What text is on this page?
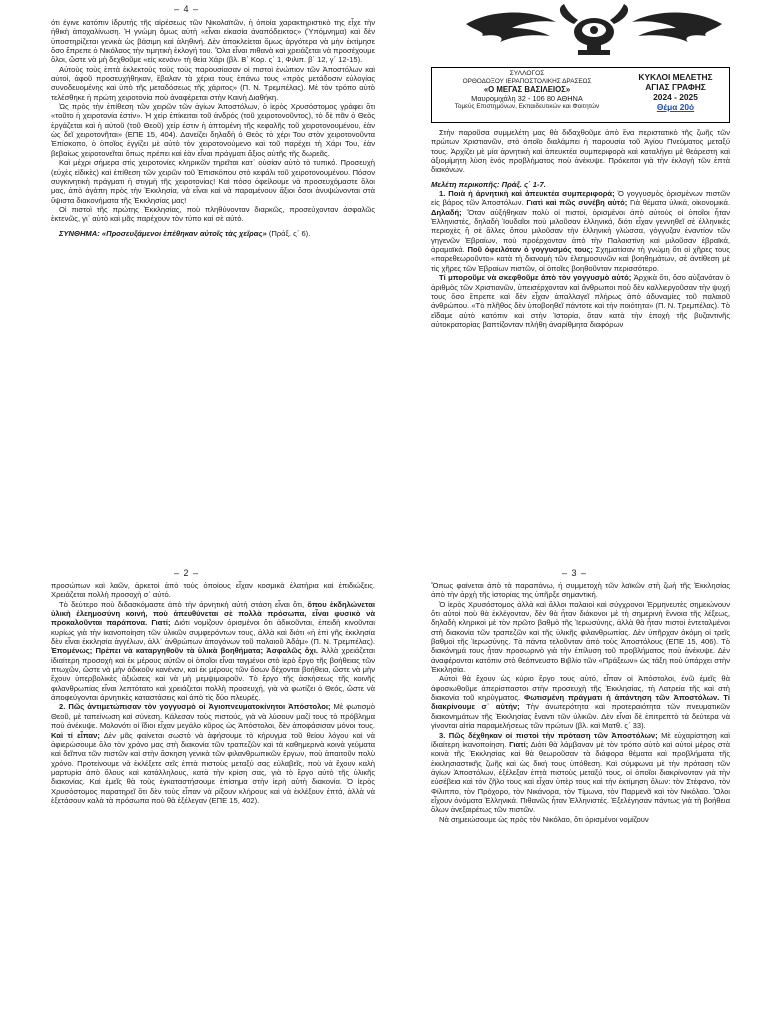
– 4 –
– 2 –	– 3 –
ΣΥΛΛΟΓΟΣ
ΟΡΘΟΔΟΞΟΥ ΙΕΡΑΠΟΣΤΟΛΙΚΗΣ ΔΡΑΣΕΩΣ
«Ο ΜΕΓΑΣ ΒΑΣΙΛΕΙΟΣ»
Μαυρομιχάλη 32 - 106 80 ΑΘΗΝΑ
Τομεύς Επιστημόνων, Εκπαιδευτικών και Φοιτητών
ΚΥΚΛΟΙ ΜΕΛΕΤΗΣ
ΑΓΙΑΣ ΓΡΑΦΗΣ
2024 - 2025
Θέμα 20ό

ότι έγινε κατόπιν ἱδρυτής τῆς αἱρέσεως τῶν Νικολαϊτῶν, ἡ ὁποία χαρακτηριστικὸ της εἶχε τὴν ἠθικὴ ἀποχαλίνωση. Ἡ γνώμη ὅμως αὐτὴ «εἶναι εἰκασία ἀναπόδεικτος» (Ὑπόμνημα) καὶ δὲν ὑποστηρίζεται γενικὰ ὡς βάσιμη καὶ ἀληθινή. Δὲν ἀποκλείεται ὅμως ἀργότερα νὰ μὴν ἐκτίμησε ὅσο ἔπρεπε ὁ Νικόλαος τὴν τιμητικὴ ἐκλογή του. Ὅλα εἶναι πιθανὰ καὶ χρειάζεται νὰ προσέχουμε ὅλοι, ὥστε νὰ μὴ δεχθοῦμε «εἰς κενόν» τὴ θεία Χάρι (βλ. Β΄ Κορ. ς΄ 1, Φιλιπ. β΄ 12, γ΄ 12-15).

Αὐτοὺς τοὺς ἑπτὰ ἐκλεκτοὺς τοὺς τοὺς παρουσίασαν οἱ πιστοὶ ἐνώπιον τῶν Ἀποστόλων καὶ αὐτοί, ἀφοῦ προσευχήθηκαν, ἔβαλαν τὰ χέρια τους ἐπάνω τους «πρὸς μετάδοσιν εὐλογίας συνοδευομένης καὶ ὑπὸ τῆς μεταδόσεως τῆς χάριτος» (Π. Ν. Τρεμπέλας). Μὲ τὸν τρόπο αὐτὸ τελέσθηκε ἡ πρώτη χειροτονία ποὺ ἀναφέρεται στὴν Καινὴ Διαθήκη.

Ὡς πρὸς τὴν ἐπίθεση τῶν χειρῶν τῶν ἁγίων Ἀποστόλων, ὁ ἱερὸς Χρυσόστομος γράφει ὅτι «τοῦτο ἡ χειροτονία ἐστίν». Ἡ χεὶρ ἐπίκειται τοῦ ἀνδρός (τοῦ χειροτονοῦντος), τὸ δὲ πᾶν ὁ Θεὸς ἐργάζεται καὶ ἡ αὐτοῦ (τοῦ Θεοῦ) χείρ ἐστιν ἡ ἁπτομένη τῆς κεφαλῆς τοῦ χειροτονουμένου, ἐὰν ὡς δεῖ χειροτονῆται» (ΕΠΕ 15, 404). Δανείζει δηλαδὴ ὁ Θεὸς τὸ χέρι Του στὸν χειροτονοῦντα Ἐπίσκοπο, ὁ ὁποῖος ἐγγίζει μὲ αὐτὸ τὸν χειροτονούμενο καὶ τοῦ παρέχει τὴ Χάρι Του, ἐὰν βεβαίως χειροτονεῖται ὅπως πρέπει καὶ ἐὰν εἶναι πράγματι ἄξιος αὐτῆς τῆς δωρεᾶς.

Καὶ μέχρι σήμερα στὶς χειροτονίες κληρικῶν τηρεῖται κατ᾽ οὐσίαν αὐτὸ τὸ τυπικό. Προσευχὴ (εὐχὲς εἰδικὲς) καὶ ἐπίθεση τῶν χειρῶν τοῦ Ἐπισκόπου στὸ κεφάλι τοῦ χειροτονουμένου. Πόσον συγκινητικὴ πράγματι ἡ στιγμὴ τῆς χειροτονίας! Καὶ πόσο ὀφείλουμε νὰ προσευχόμαστε ὅλοι μας, ἀπὸ ἀγάπη πρὸς τὴν Ἐκκλησία, νὰ εἶναι καὶ νὰ παραμένουν ἄξιοι ὅσοι ἀνυψώνονται στὰ ὕψιστα διακονήματα τῆς Ἐκκλησίας μας!

Οἱ πιστοὶ τῆς πρώτης Ἐκκλησίας, ποὺ πληθύνονταν διαρκῶς, προσεύχονταν ἀσφαλῶς ἐκτενῶς, γι᾽ αὐτὸ καὶ μᾶς παρέχουν τὸν τύπο καὶ σὲ αὐτό.

ΣΥΝΘΗΜΑ: «Προσευξάμενοι ἐπέθηκαν αὐτοῖς τὰς χεῖρας» (Πράξ. ς΄ 6).

Στὴν παροῦσα συμμελέτη μας θὰ διδαχθοῦμε ἀπὸ ἕνα περιστατικὸ τῆς ζωῆς τῶν πρώτων Χριστιανῶν, στὸ ὁποῖο διαλάμπει ἡ παρουσία τοῦ Ἁγίου Πνεύματος μεταξύ τους. Ἀρχίζει μὲ μία ἀρνητικὴ καὶ ἀπευκτέα συμπεριφορὰ καὶ καταλήγει μὲ θεάρεστη καὶ ἀξιομίμητη λύση ἑνὸς προβλήματος ποὺ ἀνέκυψε. Πρόκειται γιὰ τὴν ἐκλογὴ τῶν ἑπτὰ διακόνων.

Μελέτη περικοπῆς: Πράξ. ς΄ 1-7.

1. Ποιὰ ἡ ἀρνητικὴ καὶ ἀπευκτέα συμπεριφορά; Ὁ γογγυσμὸς ὁρισμένων πιστῶν εἰς βάρος τῶν Ἀποστόλων. Γιατὶ καὶ πῶς συνέβη αὐτό; Γιὰ θέματα ὑλικά, οἰκονομικά. Δηλαδή; Ὅταν αὐξήθηκαν πολὺ οἱ πιστοί, ὁρισμένοι ἀπὸ αὐτοὺς οἱ ὁποῖοι ἦταν Ἑλληνιστές, δηλαδὴ Ἰουδαῖοι ποὺ μιλοῦσαν ἑλληνικά, διότι εἶχαν γεννηθεῖ σὲ ἑλληνικὲς περιοχὲς ἢ σὲ ἄλλες ὅπου μιλοῦσαν τὴν ἑλληνικὴ γλώσσα, γόγγυζαν ἐναντίον τῶν γηγενῶν Ἑβραίων, ποὺ προέρχονταν ἀπὸ τὴν Παλαιστίνη καὶ μιλοῦσαν ἑβραϊκά, ἀραμαϊκά. Ποῦ ὀφειλόταν ὁ γογγυσμός τους; Σχηματίσαν τὴ γνώμη ὅτι οἱ χῆρες τους «παρεθεωροῦντο» κατὰ τὴ διανομὴ τῶν ἐλεημοσυνῶν καὶ βοηθημάτων, σὲ ἀντίθεση μὲ τὶς χῆρες τῶν Ἑβραίων πιστῶν, οἱ ὁποῖες βοηθοῦνταν περισσότερο.

Τί μποροῦμε νὰ σκεφθοῦμε ἀπὸ τὸν γογγυσμὸ αὐτό; Ἀρχικὰ ὅτι, ὅσο αὐξανόταν ὁ ἀριθμὸς τῶν Χριστιανῶν, ὑπεισέρχονταν καὶ ἄνθρωποι ποὺ δὲν καλλιεργοῦσαν τὴν ψυχή τους ὅσο ἔπρεπε καὶ δὲν εἶχαν ἀπαλλαγεῖ πλήρως ἀπὸ ἀδυναμίες τοῦ παλαιοῦ ἀνθρώπου. «Τὸ πλῆθος δὲν ὑποβοηθεῖ πάντοτε καὶ τὴν ποιότητα» (Π. Ν. Τρεμπέλας). Τὸ εἴδαμε αὐτὸ κατόπιν καὶ στὴν Ἱστορία, ὅταν κατὰ τὴν ἐποχὴ τῆς βυζαντινῆς αὐτοκρατορίας βαπτίζονταν πλήθη ἀναρίθμητα διαφόρων

προσώπων καὶ λαῶν, ἀρκετοὶ ἀπὸ τοὺς ὁποίους εἶχαν κοσμικὰ ἐλατήρια καὶ ἐπιδιώξεις. Χρειάζεται πολλὴ προσοχὴ σ᾽ αὐτό.

Τὸ δεύτερο ποὺ διδασκόμαστε ἀπὸ τὴν ἀρνητικὴ αὐτὴ στάση εἶναι ὅτι, ὅπου ἐκδηλώνεται ὑλικὴ ἐλεημοσύνη κοινή, ποὺ ἀπευθύνεται σὲ πολλὰ πρόσωπα, εἶναι φυσικὸ νὰ προκαλοῦνται παράπονα. Γιατί; Διότι νομίζουν ὁρισμένοι ὅτι ἀδικοῦνται, ἐπειδὴ κινοῦνται κυρίως γιὰ τὴν ἱκανοποίηση τῶν ὑλικῶν συμφερόντων τους, ἀλλὰ καὶ διότι «ἡ ἐπὶ γῆς ἐκκλησία δὲν εἶναι ἐκκλησία ἀγγέλων, ἀλλ᾽ ἀνθρώπων ἀπογόνων τοῦ παλαιοῦ Ἀδάμ» (Π. Ν. Τρεμπέλας). Ἑπομένως; Πρέπει νὰ καταργηθοῦν τὰ ὑλικὰ βοηθήματα; Ἀσφαλῶς ὄχι. Ἀλλὰ χρειάζεται ἰδιαίτερη προσοχὴ καὶ ἐκ μέρους αὐτῶν οἱ ὁποῖοι εἶναι ταγμένοι στὸ ἱερὸ ἔργο τῆς βοήθειας τῶν πτωχῶν, ὥστε νὰ μὴν ἀδικοῦν κανέναν, καὶ ἐκ μέρους τῶν ὅσων δέχονται βοήθεια, ὥστε νὰ μὴν ἔχουν ὑπερβολικὲς ἀξιώσεις καὶ νὰ μὴ μεμψιμοιροῦν. Τὸ ἔργο τῆς ἀσκήσεως τῆς κοινῆς φιλανθρωπίας εἶναι λεπτότατο καὶ χρειάζεται πολλὴ προσευχή, γιὰ νὰ φωτίζει ὁ Θεός, ὥστε νὰ ἀποφεύγονται ἀρνητικὲς καταστάσεις καὶ ἀπὸ τὶς δύο πλευρές.

2. Πῶς ἀντιμετώπισαν τὸν γογγυσμὸ οἱ Ἁγιοπνευματοκίνητοι Ἀπόστολοι; Μὲ φωτισμὸ Θεοῦ, μὲ ταπείνωση καὶ σύνεση. Κάλεσαν τοὺς πιστούς, γιὰ νὰ λύσουν μαζί τους τὸ πρόβλημα ποὺ ἀνέκυψε. Μολονότι οἱ ἴδιοι εἶχαν μεγάλο κῦρος ὡς Ἀπόστολοι, δὲν ἀποφάσισαν μόνοι τους. Καὶ τί εἶπαν; Δὲν μᾶς φαίνεται σωστὸ νὰ ἀφήσουμε τὸ κήρυγμα τοῦ θείου λόγου καὶ νὰ ἀφιερώσουμε ὅλο τὸν χρόνο μας στὴ διακονία τῶν τραπεζῶν καὶ τὰ καθημερινὰ κοινὰ γεύματα καὶ δεῖπνα τῶν πιστῶν καὶ στὴν ἄσκηση γενικὰ τῶν φιλανθρωπικῶν ἔργων, ποὺ ἀπαιτοῦν πολὺ χρόνο. Προτείνουμε νὰ ἐκλέξετε σεῖς ἑπτὰ πιστοὺς μεταξύ σας εὐλαβεῖς, ποὺ νὰ ἔχουν καλὴ μαρτυρία ἀπὸ ὅλους καὶ κατάλληλους, κατὰ τὴν κρίση σας, γιὰ τὸ ἔργο αὐτὸ τῆς ὑλικῆς διακονίας. Καὶ ἐμεῖς θὰ τοὺς ἐγκαταστήσουμε ἐπίσημα στὴν ἱερὴ αὐτὴ διακονία. Ὁ ἱερὸς Χρυσόστομος παρατηρεῖ ὅτι δὲν τοὺς εἶπαν νὰ ρίξουν κλήρους καὶ νὰ ἐκλέξουν ἑπτά, ἀλλὰ νὰ ἐξετάσουν καλὰ τὰ πρόσωπα ποὺ θὰ ἐξέλεγαν (ΕΠΕ 15, 402).

Ὅπως φαίνεται ἀπὸ τὰ παραπάνω, ἡ συμμετοχὴ τῶν λαϊκῶν στὴ ζωὴ τῆς Ἐκκλησίας ἀπὸ τὴν ἀρχὴ τῆς ἱστορίας της ὑπῆρξε σημαντική.

Ὁ ἱερὸς Χρυσόστομος ἀλλὰ καὶ ἄλλοι παλαιοὶ καὶ σύγχρονοι Ἑρμηνευτὲς σημειώνουν ὅτι αὐτοὶ ποὺ θὰ ἐκλέγονταν, δὲν θὰ ἦταν διάκονοι μὲ τὴ σημερινὴ ἔννοια τῆς λέξεως, δηλαδὴ κληρικοὶ μὲ τὸν πρῶτο βαθμὸ τῆς Ἱερωσύνης, ἀλλὰ θὰ ἦταν πιστοὶ ἐντεταλμένοι στὴ διακονία τῶν τραπεζῶν καὶ τῆς ὑλικῆς φιλανθρωπίας. Δὲν ὑπῆρχαν ἀκόμη οἱ τρεῖς βαθμοὶ τῆς Ἱερωσύνης. Τὰ πάντα τελοῦνταν ἀπὸ τοὺς Ἀποστόλους (ΕΠΕ 15, 406). Τὸ διακόνημά τους ἦταν προσωρινὸ γιὰ τὴν ἐπίλυση τοῦ προβλήματος ποὺ ἀνέκυψε. Δὲν ἀναφέρονται κατόπιν στὸ θεόπνευστο Βιβλίο τῶν «Πράξεων» ὡς τάξη ποὺ ὑπάρχει στὴν Ἐκκλησία.

Αὐτοὶ θὰ ἔχουν ὡς κύριο ἔργο τους αὐτό, εἶπαν οἱ Ἀπόστολοι, ἐνῶ ἐμεῖς θὰ ἀφοσιωθοῦμε ἀπερίσπαστοι στὴν προσευχὴ τῆς Ἐκκλησίας, τὴ Λατρεία τῆς καὶ στὴ διακονία τοῦ κηρύγματος. Φωτισμένη πράγματι ἡ ἀπάντηση τῶν Ἀποστόλων. Τί διακρίνουμε σ᾽ αὐτήν; Τὴν ἀνωτερότητα καὶ προτεραιότητα τῶν πνευματικῶν διακονημάτων τῆς Ἐκκλησίας ἔναντι τῶν ὑλικῶν. Δὲν εἶναι δὲ ἐπιτρεπτὸ τὰ δεύτερα νὰ γίνονται αἰτία παραμελήσεως τῶν πρώτων (βλ. καὶ Ματθ. ς΄ 33).

3. Πῶς δέχθηκαν οἱ πιστοὶ τὴν πρόταση τῶν Ἀποστόλων; Μὲ εὐχαρίστηση καὶ ἰδιαίτερη ἱκανοποίηση. Γιατί; Διότι θὰ λάμβαναν μὲ τὸν τρόπο αὐτὸ καὶ αὐτοὶ μέρος στὰ κοινὰ τῆς Ἐκκλησίας καὶ θὰ θεωροῦσαν τὰ διάφορα θέματα καὶ προβλήματα τῆς ἐκκλησιαστικῆς ζωῆς καὶ ὡς δική τους ὑπόθεση. Καὶ σύμφωνα μὲ τὴν πρόταση τῶν ἁγίων Ἀποστόλων, ἐξέλεξαν ἑπτὰ πιστοὺς μεταξύ τους, οἱ ὁποῖοι διακρίνονταν γιὰ τὴν εὐσέβεια καὶ τὸν ζῆλο τους καὶ εἶχαν ὑπὲρ τους καὶ τὴν ἐκτίμηση ὅλων: τὸν Στέφανο, τὸν Φίλιππο, τὸν Πρόχορο, τὸν Νικάνορα, τὸν Τίμωνα, τὸν Παρμενᾶ καὶ τὸν Νικόλαο. Ὅλοι εἶχουν ὀνόματα Ἑλληνικά. Πιθανῶς ἦταν Ἑλληνιστές. Ἐξελέγησαν πάντως γιὰ τὴ βοήθεια ὅλων ἀνεξαιρέτως τῶν πιστῶν.

Νὰ σημειώσουμε ὡς πρὸς τὸν Νικόλαο, ὅτι ὁρισμένοι νομίζουν
